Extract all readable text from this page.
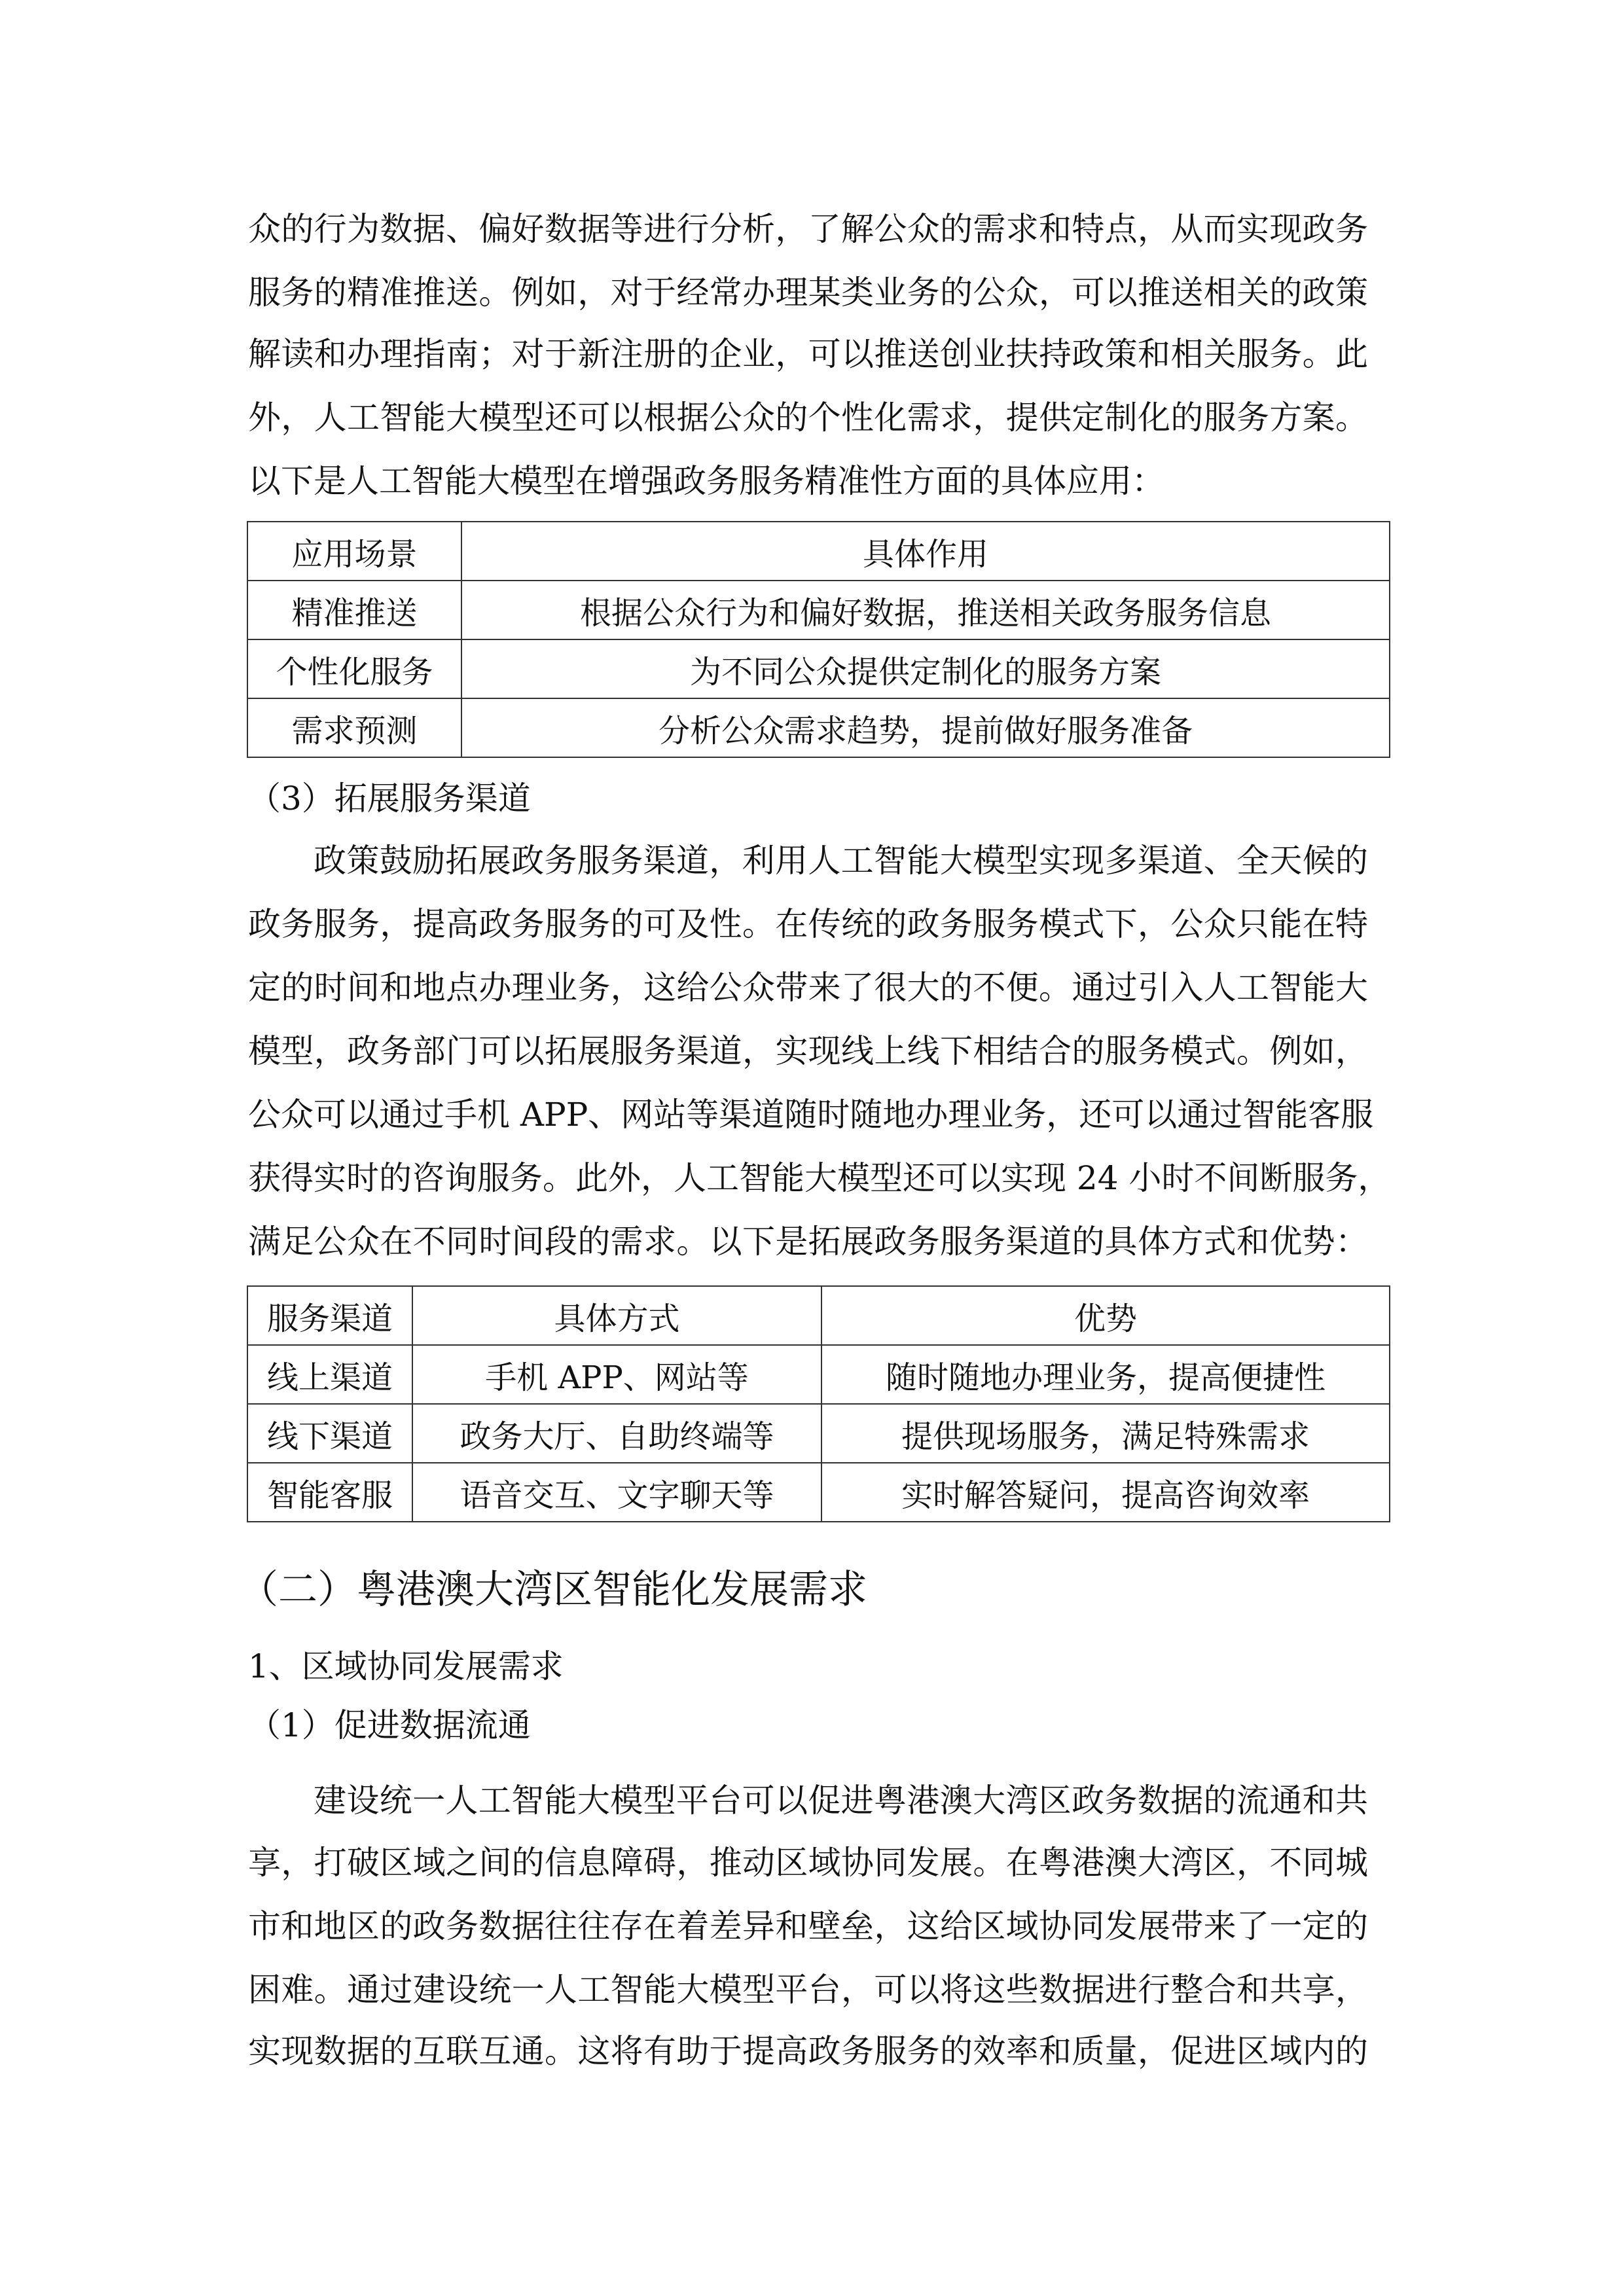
众的行为数据、偏好数据等进行分析，了解公众的需求和特点，从而实现政务
服务的精准推送。例如，对于经常办理某类业务的公众，可以推送相关的政策
解读和办理指南；对于新注册的企业，可以推送创业扶持政策和相关服务。此
外，人工智能大模型还可以根据公众的个性化需求，提供定制化的服务方案。
以下是人工智能大模型在增强政务服务精准性方面的具体应用：
应用场景	具体作用
精准推送	根据公众行为和偏好数据，推送相关政务服务信息
个性化服务	为不同公众提供定制化的服务方案
需求预测	分析公众需求趋势，提前做好服务准备
（3）拓展服务渠道
政策鼓励拓展政务服务渠道，利用人工智能大模型实现多渠道、全天候的
政务服务，提高政务服务的可及性。在传统的政务服务模式下，公众只能在特
定的时间和地点办理业务，这给公众带来了很大的不便。通过引入人工智能大
模型，政务部门可以拓展服务渠道，实现线上线下相结合的服务模式。例如，
公众可以通过手机 APP、网站等渠道随时随地办理业务，还可以通过智能客服
获得实时的咨询服务。此外，人工智能大模型还可以实现 24 小时不间断服务，
满足公众在不同时间段的需求。以下是拓展政务服务渠道的具体方式和优势：
服务渠道	具体方式	优势
线上渠道	手机 APP、网站等	随时随地办理业务，提高便捷性
线下渠道	政务大厅、自助终端等	提供现场服务，满足特殊需求
智能客服	语音交互、文字聊天等	实时解答疑问，提高咨询效率
（二）粤港澳大湾区智能化发展需求
1、区域协同发展需求
（1）促进数据流通
建设统一人工智能大模型平台可以促进粤港澳大湾区政务数据的流通和共
享，打破区域之间的信息障碍，推动区域协同发展。在粤港澳大湾区，不同城
市和地区的政务数据往往存在着差异和壁垒，这给区域协同发展带来了一定的
困难。通过建设统一人工智能大模型平台，可以将这些数据进行整合和共享，
实现数据的互联互通。这将有助于提高政务服务的效率和质量，促进区域内的
